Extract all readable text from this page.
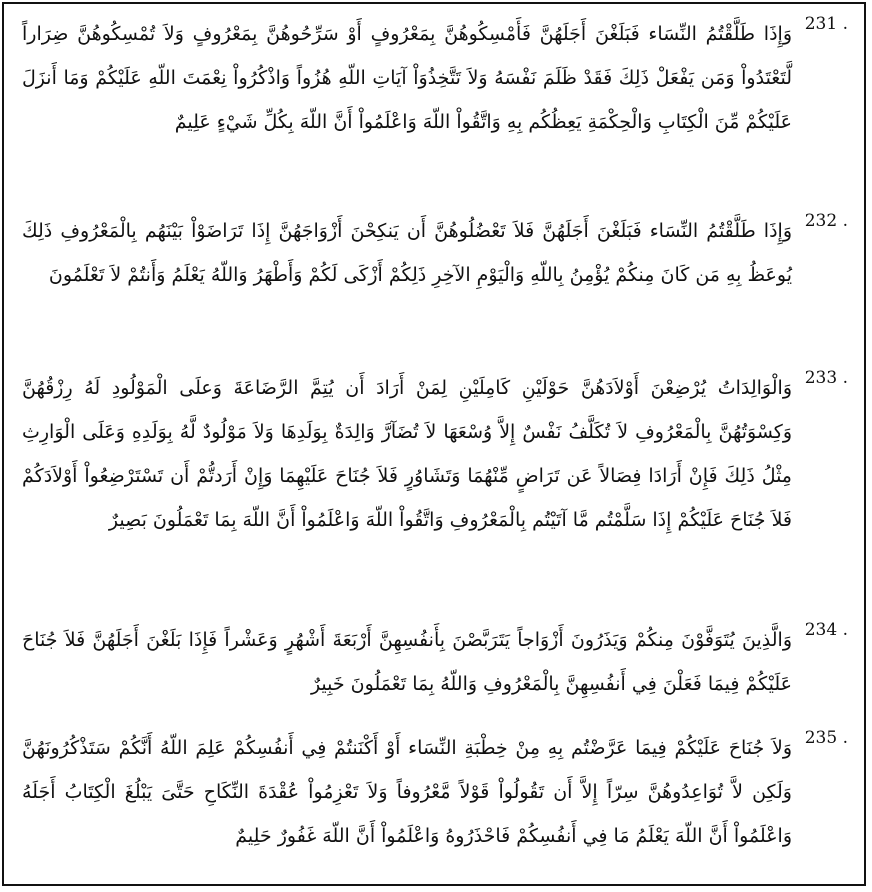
231 .

وَإِذَا طَلَّقْتُمُ النِّسَاء فَبَلَغْنَ أَجَلَهُنَّ فَأَمْسِكُوهُنَّ بِمَعْرُوفٍ أَوْ سَرِّحُوهُنَّ بِمَعْرُوفٍ وَلاَ تُمْسِكُوهُنَّ ضِرَاراً لَّتَعْتَدُواْ وَمَن يَفْعَلْ ذَلِكَ فَقَدْ ظَلَمَ نَفْسَهُ وَلاَ تَتَّخِذُوَاْ آيَاتِ اللّهِ هُزُواً وَاذْكُرُواْ نِعْمَتَ اللّهِ عَلَيْكُمْ وَمَا أَنزَلَ عَلَيْكُمْ مِّنَ الْكِتَابِ وَالْحِكْمَةِ يَعِظُكُم بِهِ وَاتَّقُواْ اللّهَ وَاعْلَمُواْ أَنَّ اللّهَ بِكُلِّ شَيْءٍ عَلِيمٌ

232 .

وَإِذَا طَلَّقْتُمُ النِّسَاء فَبَلَغْنَ أَجَلَهُنَّ فَلاَ تَعْضُلُوهُنَّ أَن يَنكِحْنَ أَزْوَاجَهُنَّ إِذَا تَرَاضَوْاْ بَيْنَهُم بِالْمَعْرُوفِ ذَلِكَ يُوعَظُ بِهِ مَن كَانَ مِنكُمْ يُؤْمِنُ بِاللّهِ وَالْيَوْمِ الآخِرِ ذَلِكُمْ أَزْكَى لَكُمْ وَأَطْهَرُ وَاللّهُ يَعْلَمُ وَأَنتُمْ لاَ تَعْلَمُونَ

233 .

وَالْوَالِدَاتُ يُرْضِعْنَ أَوْلاَدَهُنَّ حَوْلَيْنِ كَامِلَيْنِ لِمَنْ أَرَادَ أَن يُتِمَّ الرَّضَاعَةَ وَعلَى الْمَوْلُودِ لَهُ رِزْقُهُنَّ وَكِسْوَتُهُنَّ بِالْمَعْرُوفِ لاَ تُكَلَّفُ نَفْسٌ إِلاَّ وُسْعَهَا لاَ تُضَآرَّ وَالِدَةٌ بِوَلَدِهَا وَلاَ مَوْلُودٌ لَّهُ بِوَلَدِهِ وَعَلَى الْوَارِثِ مِثْلُ ذَلِكَ فَإِنْ أَرَادَا فِصَالاً عَن تَرَاضٍ مِّنْهُمَا وَتَشَاوُرٍ فَلاَ جُنَاحَ عَلَيْهِمَا وَإِنْ أَرَدتُّمْ أَن تَسْتَرْضِعُواْ أَوْلاَدَكُمْ فَلاَ جُنَاحَ عَلَيْكُمْ إِذَا سَلَّمْتُم مَّا آتَيْتُم بِالْمَعْرُوفِ وَاتَّقُواْ اللّهَ وَاعْلَمُواْ أَنَّ اللّهَ بِمَا تَعْمَلُونَ بَصِيرٌ

234 .

وَالَّذِينَ يُتَوَفَّوْنَ مِنكُمْ وَيَذَرُونَ أَزْوَاجاً يَتَرَبَّصْنَ بِأَنفُسِهِنَّ أَرْبَعَةَ أَشْهُرٍ وَعَشْراً فَإِذَا بَلَغْنَ أَجَلَهُنَّ فَلاَ جُنَاحَ عَلَيْكُمْ فِيمَا فَعَلْنَ فِي أَنفُسِهِنَّ بِالْمَعْرُوفِ وَاللّهُ بِمَا تَعْمَلُونَ خَبِيرٌ

235 .

وَلاَ جُنَاحَ عَلَيْكُمْ فِيمَا عَرَّضْتُم بِهِ مِنْ خِطْبَةِ النِّسَاء أَوْ أَكْنَنتُمْ فِي أَنفُسِكُمْ عَلِمَ اللّهُ أَنَّكُمْ سَتَذْكُرُونَهُنَّ وَلَكِن لاَّ تُوَاعِدُوهُنَّ سِرّاً إِلاَّ أَن تَقُولُواْ قَوْلاً مَّعْرُوفاً وَلاَ تَعْزِمُواْ عُقْدَةَ النِّكَاحِ حَتَّىَ يَبْلُغَ الْكِتَابُ أَجَلَهُ وَاعْلَمُواْ أَنَّ اللّهَ يَعْلَمُ مَا فِي أَنفُسِكُمْ فَاحْذَرُوهُ وَاعْلَمُواْ أَنَّ اللّهَ غَفُورٌ حَلِيمٌ
